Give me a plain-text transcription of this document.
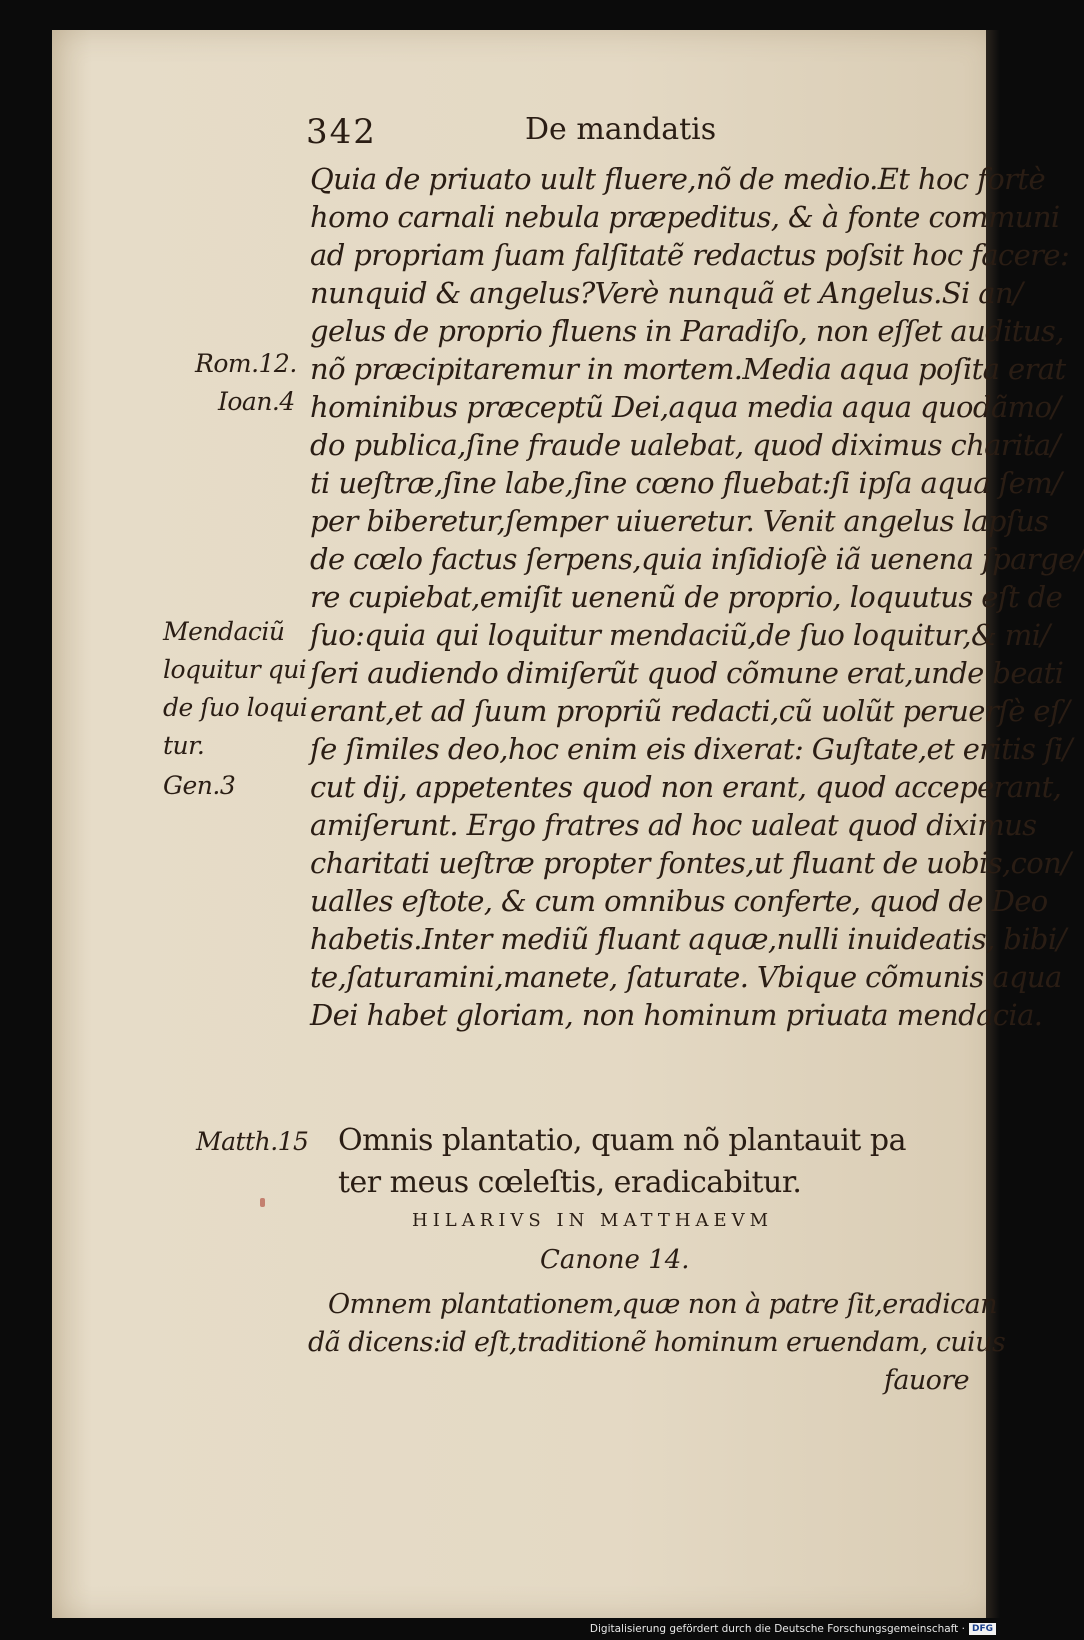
342	De mandatis
Quia de priuato uult fluere,nõ de medio.Et hoc fortè
homo carnali nebula præpeditus, & à fonte communi
ad propriam ſuam falſitatẽ redactus poſsit hoc facere:
nunquid & angelus?Verè nunquã et Angelus.Si an/
gelus de proprio fluens in Paradiſo, non eſſet auditus,
nõ præcipitaremur in mortem.Media aqua poſita erat
hominibus præceptũ Dei,aqua media aqua quodãmo/
do publica,ſine fraude ualebat, quod diximus charita/
ti ueſtræ,ſine labe,ſine cœno fluebat:ſi ipſa aqua ſem/
per biberetur,ſemper uiueretur. Venit angelus lapſus
de cœlo factus ſerpens,quia inſidioſè iã uenena ſparge/
re cupiebat,emiſit uenenũ de proprio, loquutus eſt de
ſuo:quia qui loquitur mendaciũ,de ſuo loquitur,& mi/
ſeri audiendo dimiſerũt quod cõmune erat,unde beati
erant,et ad ſuum propriũ redacti,cũ uolũt peruerſè eſ/
ſe ſimiles deo,hoc enim eis dixerat: Guſtate,et eritis ſi/
cut dij, appetentes quod non erant, quod acceperant,
amiſerunt. Ergo fratres ad hoc ualeat quod diximus
charitati ueſtræ propter fontes,ut fluant de uobis,con/
ualles eſtote, & cum omnibus conferte, quod de Deo
habetis.Inter mediũ fluant aquæ,nulli inuideatis, bibi/
te,ſaturamini,manete, ſaturate. Vbique cõmunis aqua
Dei habet gloriam, non hominum priuata mendacia.
Rom.12.
Ioan.4
Mendaciũ
loquitur qui
de ſuo loqui
tur.
Gen.3
Matth.15 Omnis plantatio, quam nõ plantauit pa
ter meus cœleſtis, eradicabitur.
HILARIVS IN MATTHAEVM
Canone 14.
Omnem plantationem,quæ non à patre ſit,eradican
dã dicens:id eſt,traditionẽ hominum eruendam, cuius
fauore
Digitalisierung gefördert durch die Deutsche Forschungsgemeinschaft · DFG
